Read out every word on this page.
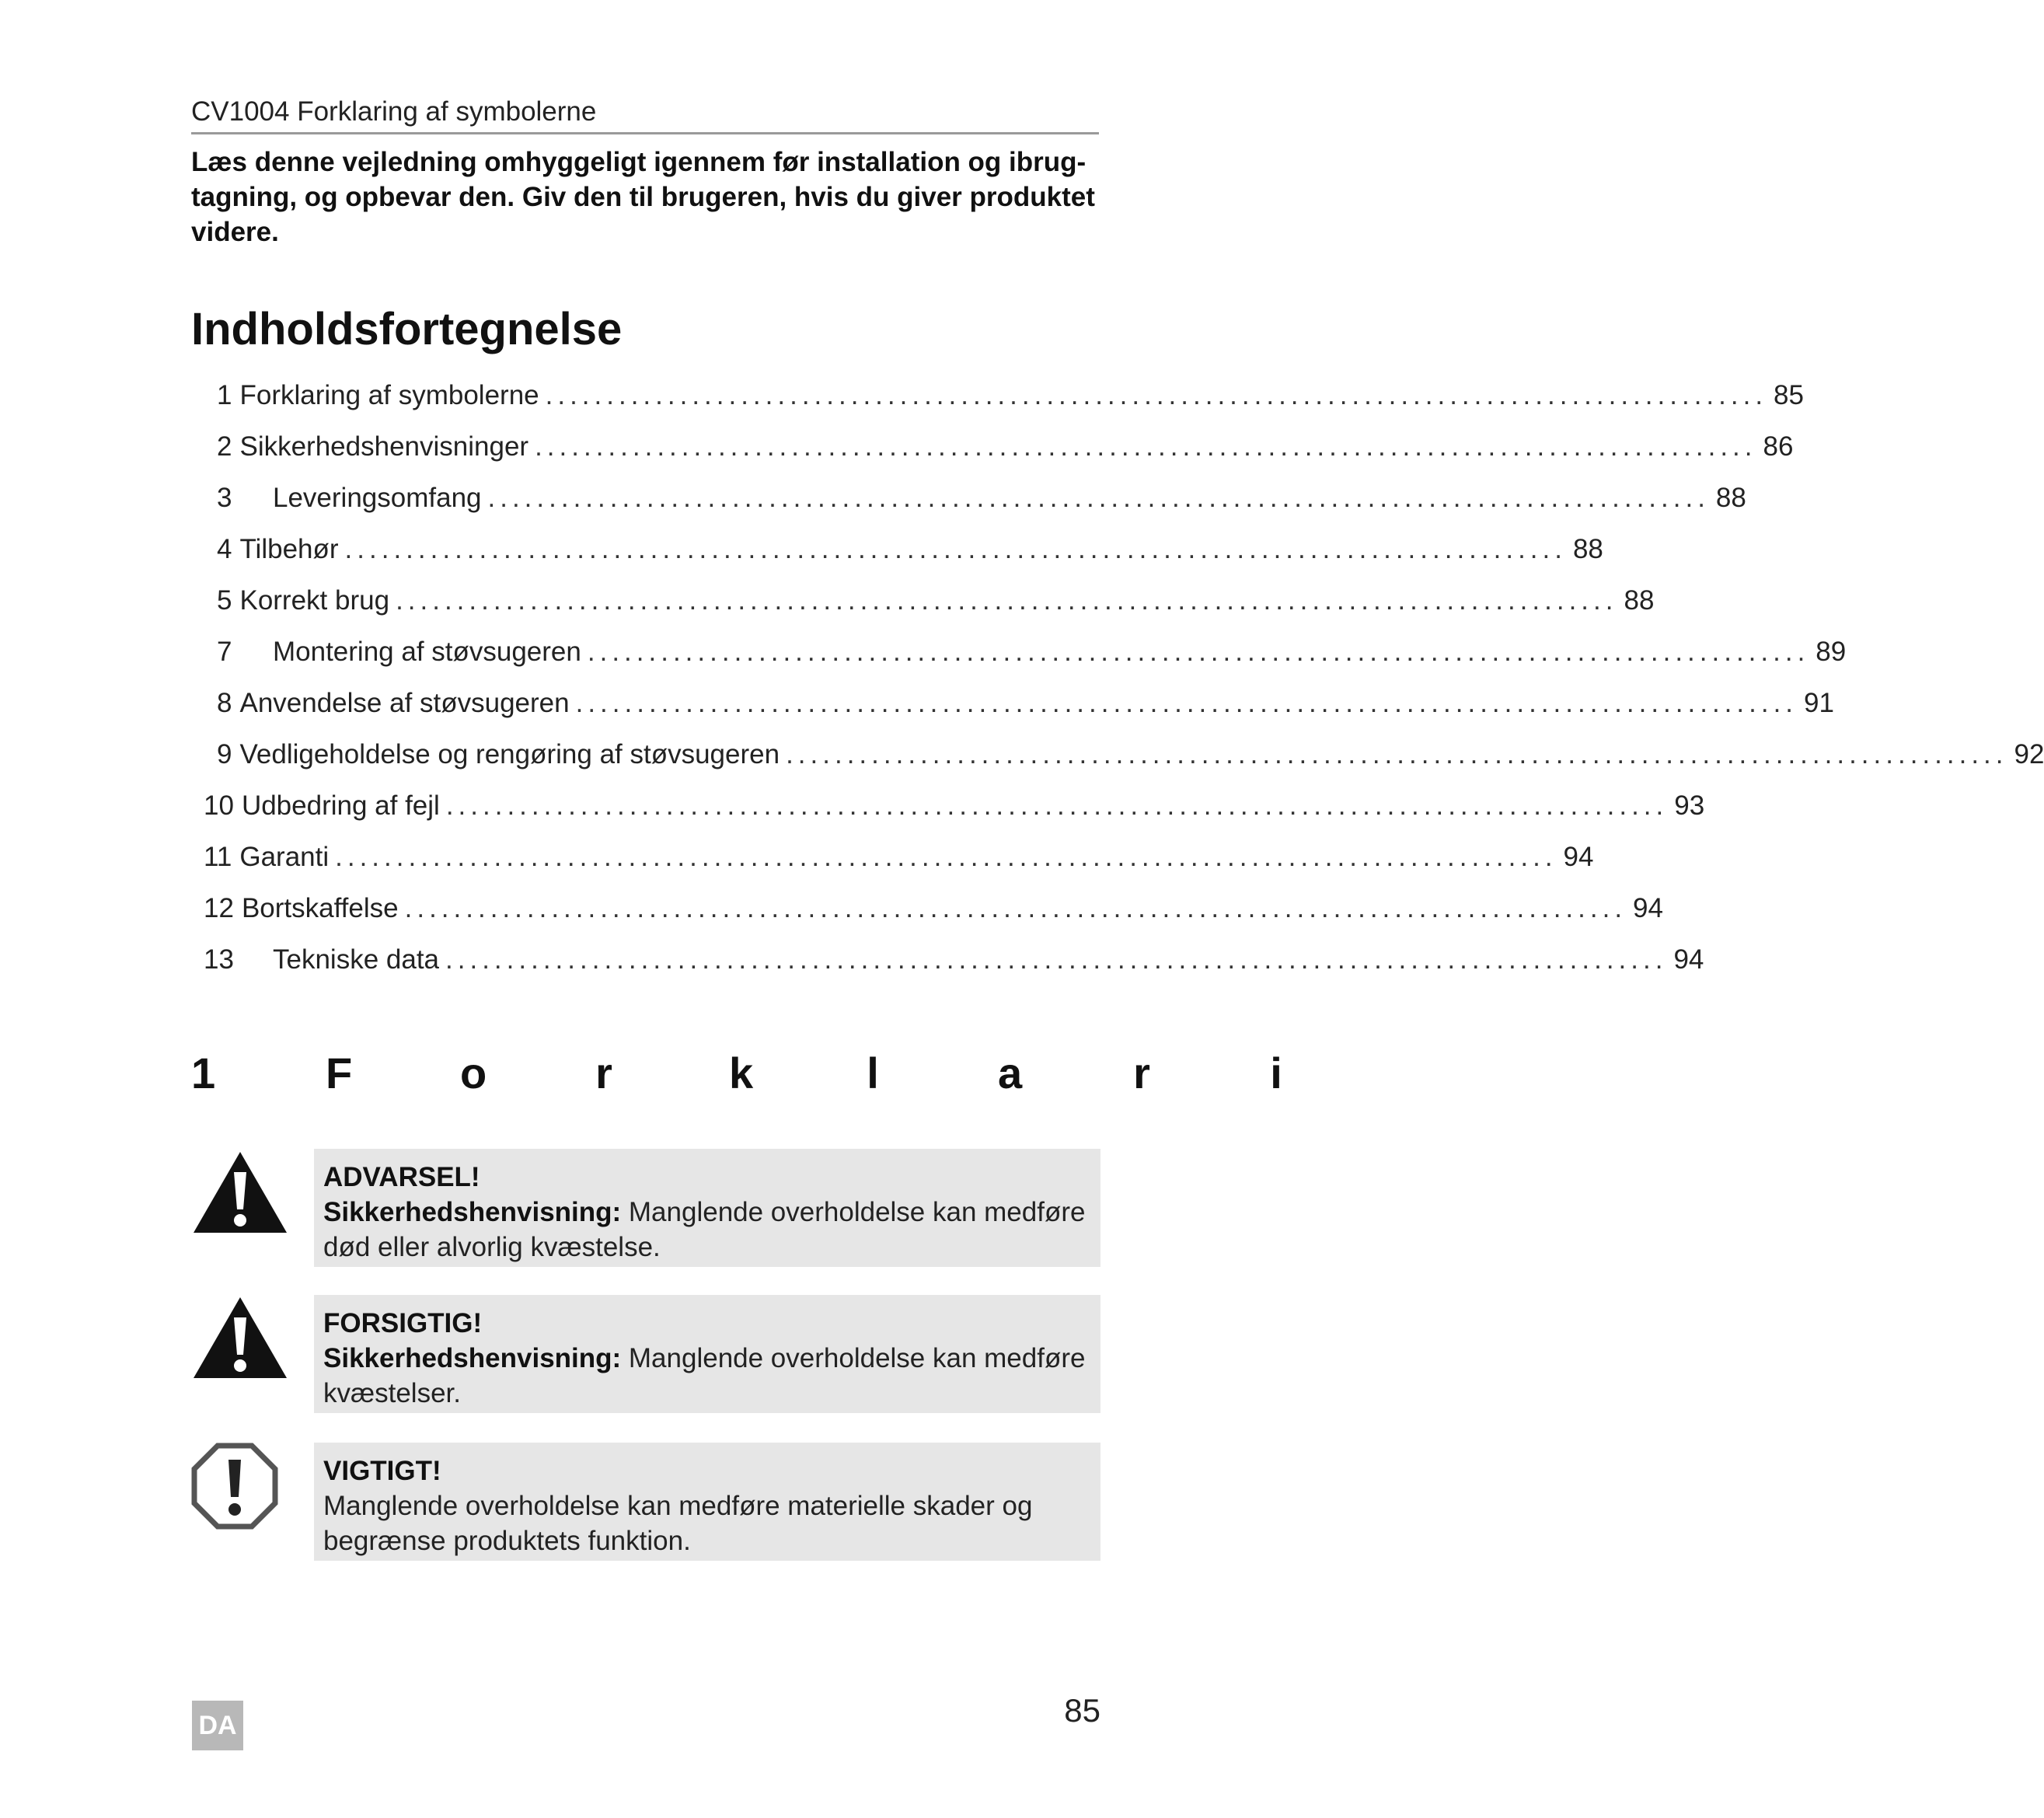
CV1004 Forklaring af symbolerne

Læs denne vejledning omhyggeligt igennem før installation og ibrug-

tagning, og opbevar den. Giv den til brugeren, hvis du giver produktet

videre.

Indholdsfortegnelse
1 Forklaring af symbolerne .................................................................................................... 85
2 Sikkerhedshenvisninger .................................................................................................... 86
3	Leveringsomfang .................................................................................................... 88
4 Tilbehør .................................................................................................... 88
5 Korrekt brug .................................................................................................... 88
7	Montering af støvsugeren .................................................................................................... 89
8 Anvendelse af støvsugeren .................................................................................................... 91
9 Vedligeholdelse og rengøring af støvsugeren .................................................................................................... 92
10 Udbedring af fejl .................................................................................................... 93
11 Garanti .................................................................................................... 94
12 Bortskaffelse .................................................................................................... 94
13	Tekniske data .................................................................................................... 94
1	F o r	k	l	a	r	i
ADVARSEL!
Sikkerhedshenvisning: Manglende overholdelse kan medføre død eller alvorlig kvæstelse.
FORSIGTIG!
Sikkerhedshenvisning: Manglende overholdelse kan medføre kvæstelser.
VIGTIGT!
Manglende overholdelse kan medføre materielle skader og begrænse produktets funktion.
DA	85
